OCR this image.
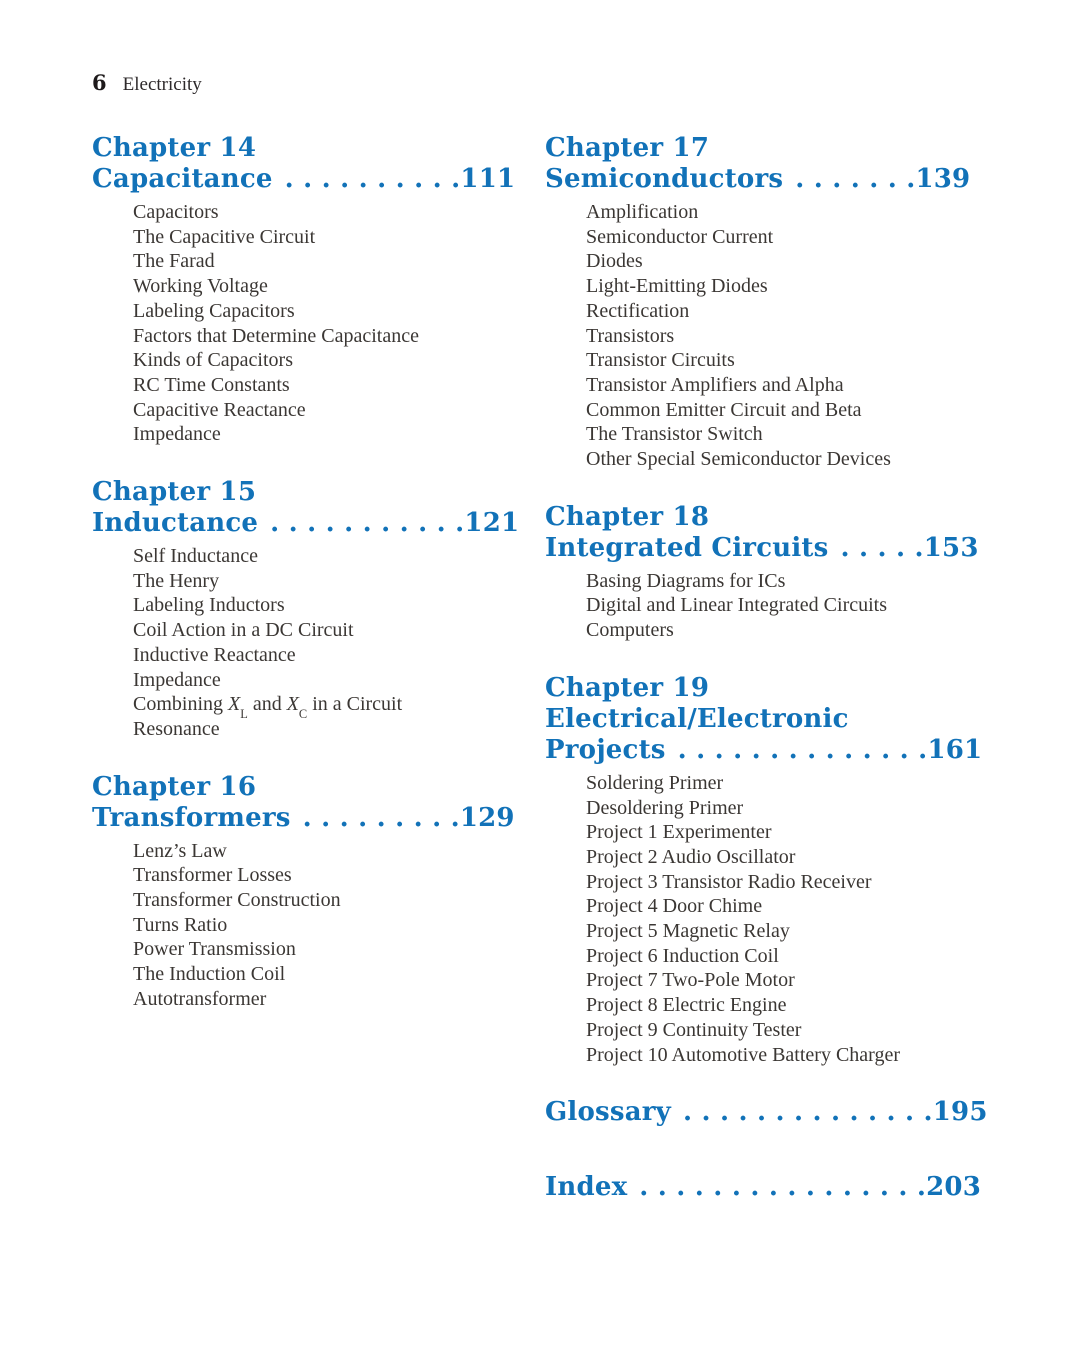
6 Electricity
Chapter 14
Capacitance . . . . . . . . . .111
Capacitors
The Capacitive Circuit
The Farad
Working Voltage
Labeling Capacitors
Factors that Determine Capacitance
Kinds of Capacitors
RC Time Constants
Capacitive Reactance
Impedance
Chapter 15
Inductance . . . . . . . . . . .121
Self Inductance
The Henry
Labeling Inductors
Coil Action in a DC Circuit
Inductive Reactance
Impedance
Combining $X_L$ and $X_C$ in a Circuit
Resonance
Chapter 16
Transformers . . . . . . . . .129
Lenz’s Law
Transformer Losses
Transformer Construction
Turns Ratio
Power Transmission
The Induction Coil
Autotransformer
Chapter 17
Semiconductors . . . . . . .139
Amplification
Semiconductor Current
Diodes
Light-Emitting Diodes
Rectification
Transistors
Transistor Circuits
Transistor Amplifiers and Alpha
Common Emitter Circuit and Beta
The Transistor Switch
Other Special Semiconductor Devices
Chapter 18
Integrated Circuits . . . . .153
Basing Diagrams for ICs
Digital and Linear Integrated Circuits
Computers
Chapter 19
Electrical/Electronic
Projects . . . . . . . . . . . . . .161
Soldering Primer
Desoldering Primer
Project 1 Experimenter
Project 2 Audio Oscillator
Project 3 Transistor Radio Receiver
Project 4 Door Chime
Project 5 Magnetic Relay
Project 6 Induction Coil
Project 7 Two-Pole Motor
Project 8 Electric Engine
Project 9 Continuity Tester
Project 10 Automotive Battery Charger
Glossary . . . . . . . . . . . . . .195
Index . . . . . . . . . . . . . . . .203
